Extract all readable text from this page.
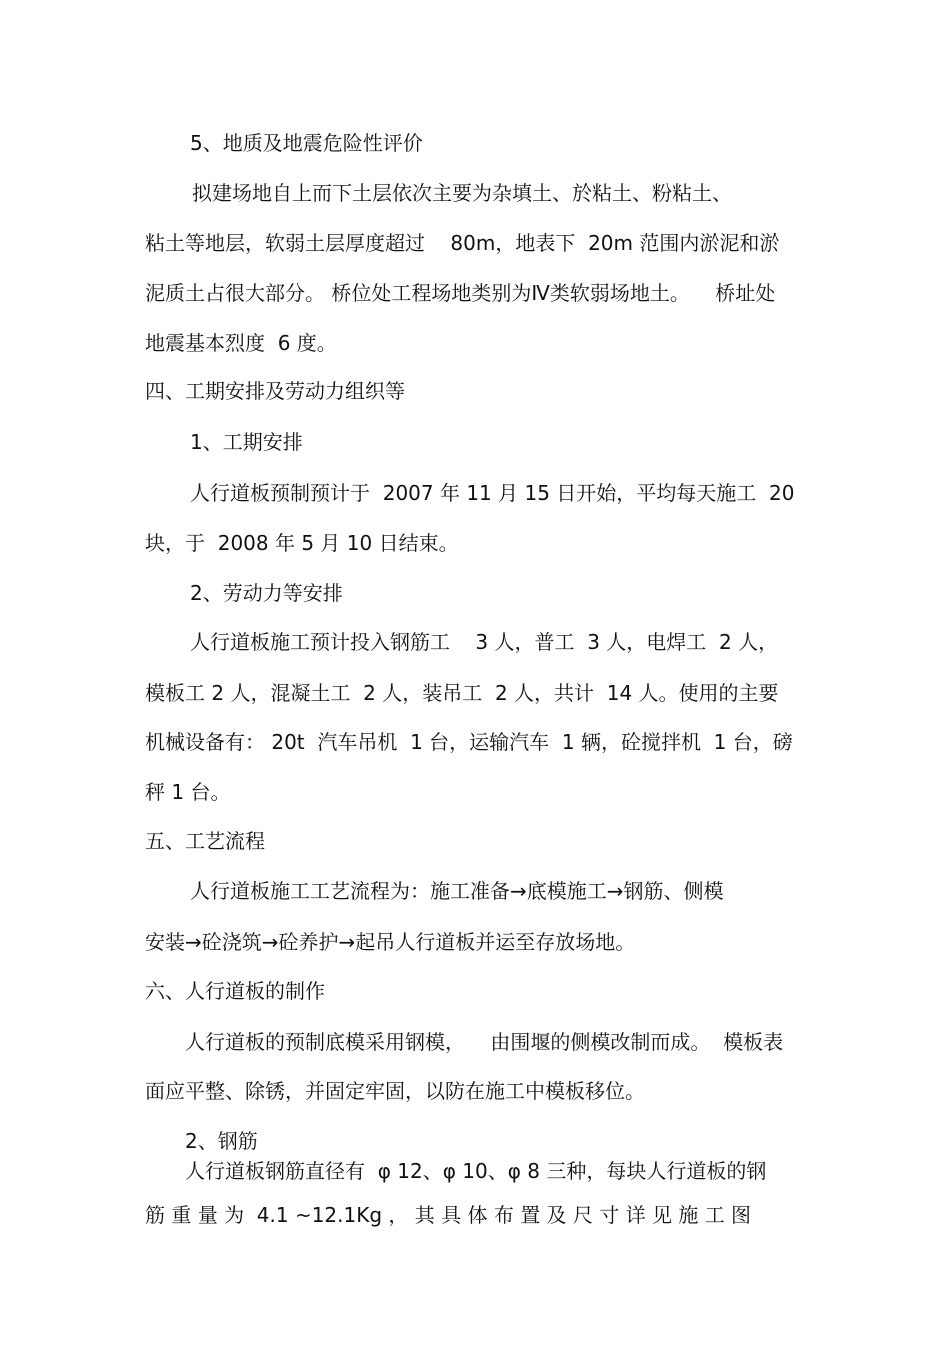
5、地质及地震危险性评价
拟建场地自上而下土层依次主要为杂填土、於粘土、粉粘土、
粘土等地层，软弱土层厚度超过    80m，地表下  20m 范围内淤泥和淤
泥质土占很大部分。 桥位处工程场地类别为Ⅳ类软弱场地土。    桥址处
地震基本烈度  6 度。
四、工期安排及劳动力组织等
1、工期安排
人行道板预制预计于  2007 年 11 月 15 日开始，平均每天施工  20
块，于  2008 年 5 月 10 日结束。
2、劳动力等安排
人行道板施工预计投入钢筋工    3 人，普工  3 人，电焊工  2 人，
模板工 2 人，混凝土工  2 人，装吊工  2 人，共计  14 人。使用的主要
机械设备有： 20t  汽车吊机  1 台，运输汽车  1 辆，砼搅拌机  1 台，磅
秤 1 台。
五、工艺流程
人行道板施工工艺流程为：施工准备→底模施工→钢筋、侧模
安装→砼浇筑→砼养护→起吊人行道板并运至存放场地。
六、人行道板的制作
人行道板的预制底模采用钢模，    由围堰的侧模改制而成。  模板表
面应平整、除锈，并固定牢固，以防在施工中模板移位。
2、钢筋
人行道板钢筋直径有  φ 12、φ 10、φ 8 三种，每块人行道板的钢
筋 重 量 为  4.1 ~12.1Kg ， 其 具 体 布 置 及 尺 寸 详 见 施 工 图
